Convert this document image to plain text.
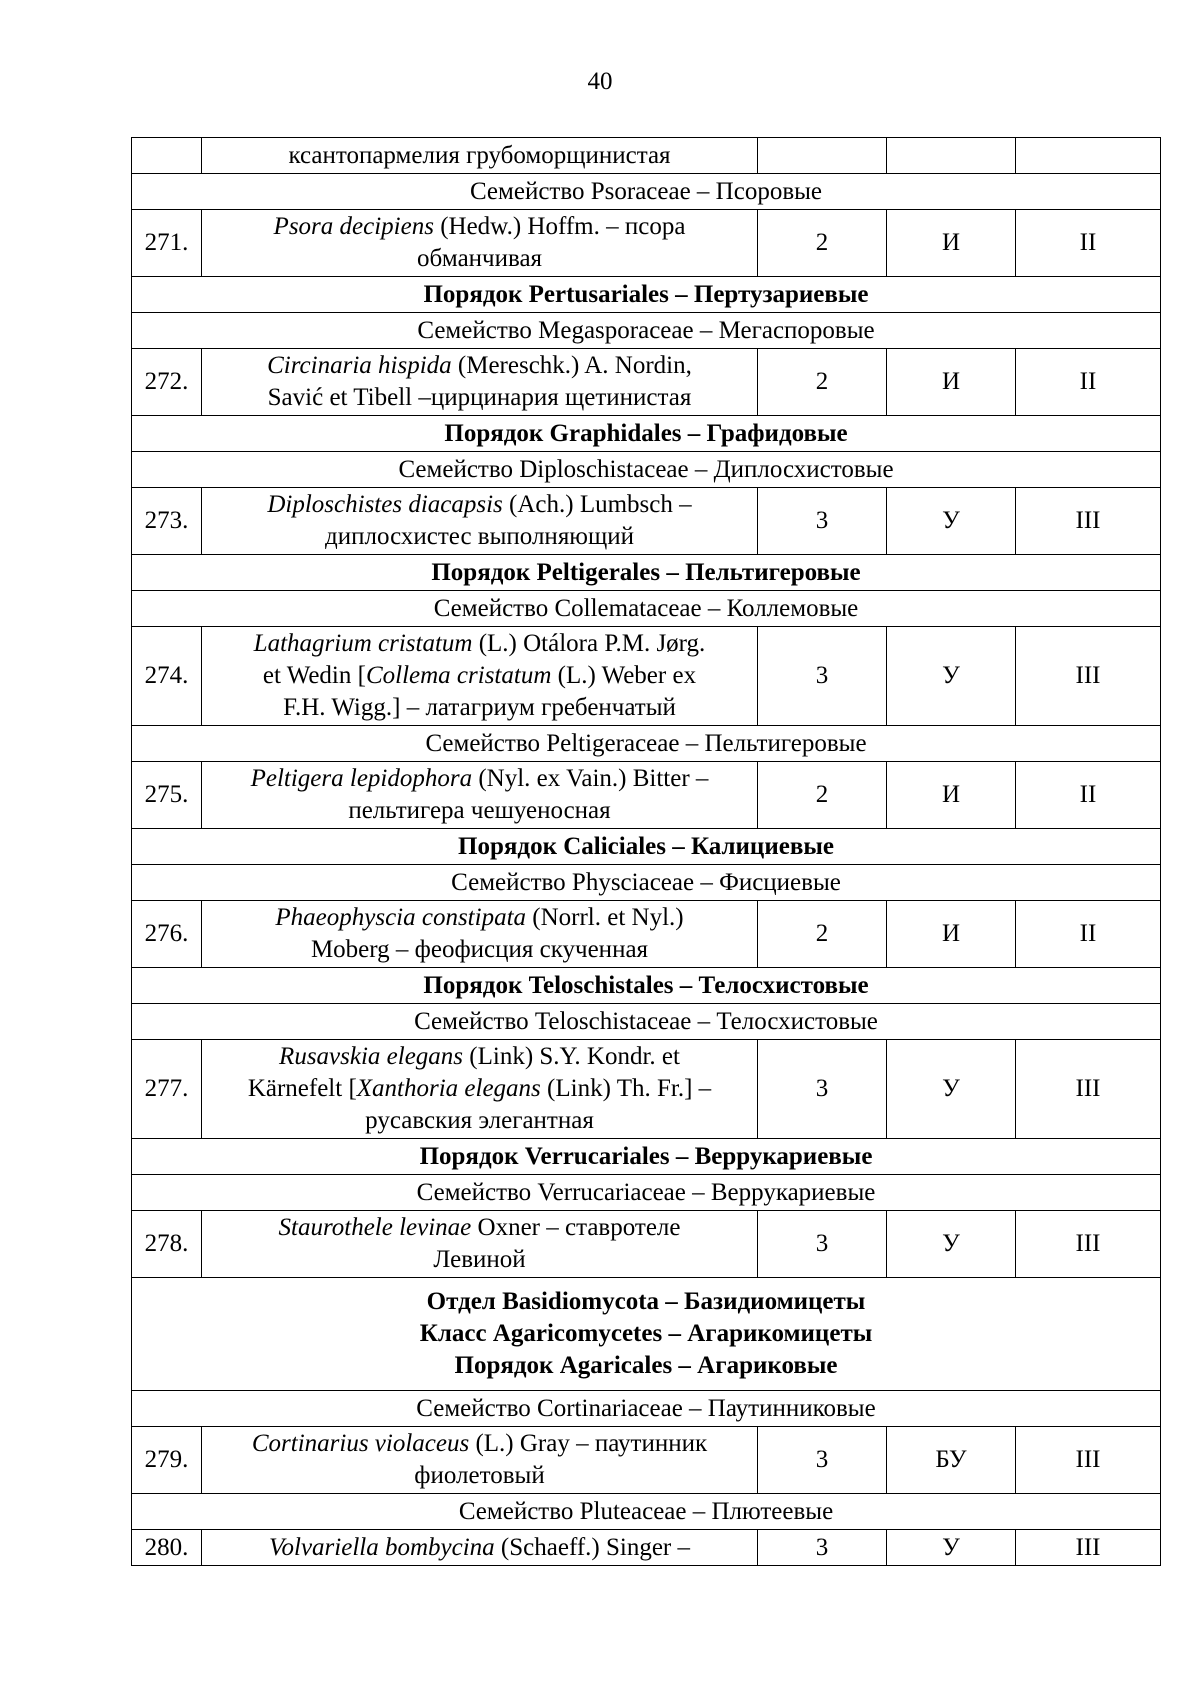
40
	ксантопармелия грубоморщинистая			
Семейство Psoraceae – Псоровые				
271.	Psora decipiens (Hedw.) Hoffm. – псора
обманчивая	2	И	II
Порядок Pertusariales – Пертузариевые				
Семейство Megasporaceae – Мегаспоровые				
272.	Circinaria hispida (Mereschk.) A. Nordin,
Savić et Tibell –цирцинария щетинистая	2	И	II
Порядок Graphidales – Графидовые				
Семейство Diploschistaceae – Диплосхистовые				
273.	Diploschistes diacapsis (Ach.) Lumbsch –
диплосхистес выполняющий	3	У	III
Порядок Peltigerales – Пельтигеровые				
Семейство Collemataceae – Коллемовые				
274.	Lathagrium cristatum (L.) Otálora P.M. Jørg.
et Wedin [Collema cristatum (L.) Weber ex
F.H. Wigg.] – латагриум гребенчатый	3	У	III
Семейство Peltigeraceae – Пельтигеровые				
275.	Peltigera lepidophora (Nyl. ex Vain.) Bitter –
пельтигера чешуеносная	2	И	II
Порядок Caliciales – Калициевые				
Семейство Physciaceae – Фисциевые				
276.	Phaeophyscia constipata (Norrl. et Nyl.)
Moberg – феофисция скученная	2	И	II
Порядок Teloschistales – Телосхистовые				
Семейство Teloschistaceae – Телосхистовые				
277.	Rusavskia elegans (Link) S.Y. Kondr. et
Kärnefelt [Xanthoria elegans (Link) Th. Fr.] –
русавския элегантная	3	У	III
Порядок Verrucariales – Веррукариевые				
Семейство Verrucariaceae – Веррукариевые				
278.	Staurothele levinae Oxner – ставротеле
Левиной	3	У	III

Отдел Basidiomycota – Базидиомицеты
Класс Agaricomycetes – Агарикомицеты
Порядок Agaricales – Агариковые				

Семейство Cortinariaceae – Паутинниковые				
279.	Cortinarius violaceus (L.) Gray – паутинник
фиолетовый	3	БУ	III
Семейство Pluteaceae – Плютеевые				
280.	Volvariella bombycina (Schaeff.) Singer –	3	У	III
